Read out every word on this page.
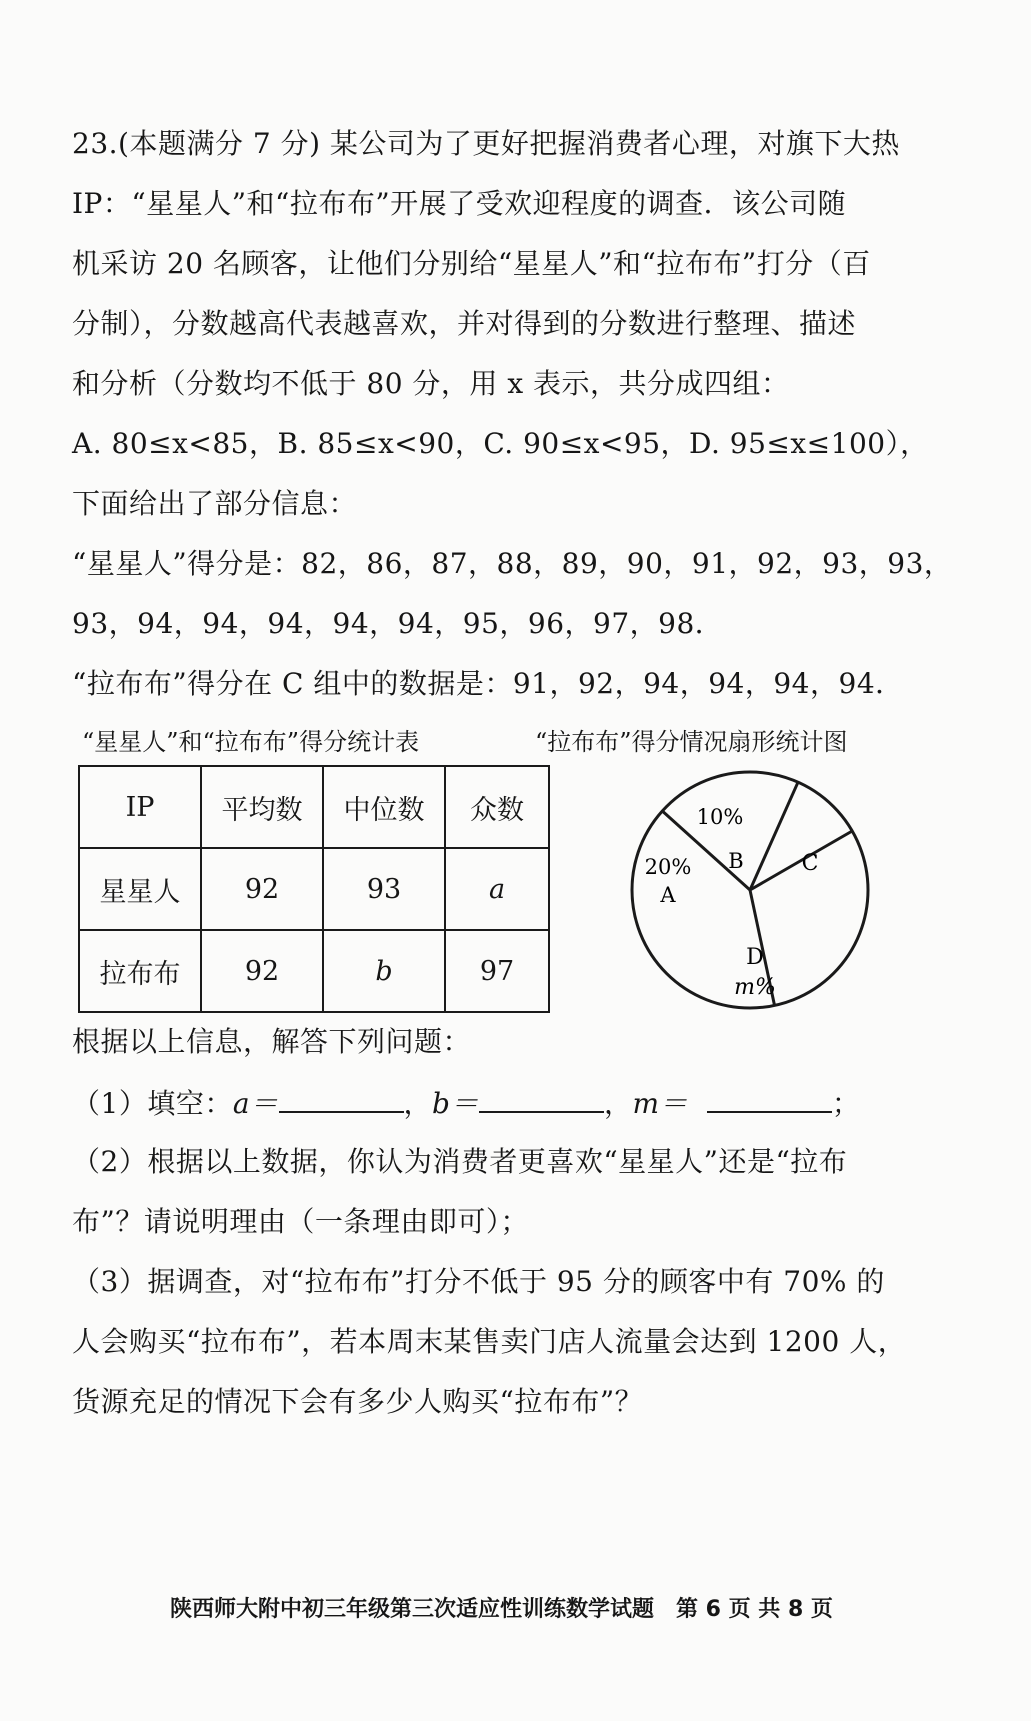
23.(本题满分 7 分) 某公司为了更好把握消费者心理，对旗下大热
IP：“星星人”和“拉布布”开展了受欢迎程度的调查．该公司随
机采访 20 名顾客，让他们分别给“星星人”和“拉布布”打分（百
分制），分数越高代表越喜欢，并对得到的分数进行整理、描述
和分析（分数均不低于 80 分，用 x 表示，共分成四组：
A. 80≤x<85，B. 85≤x<90，C. 90≤x<95，D. 95≤x≤100），
下面给出了部分信息：
“星星人”得分是：82，86，87，88，89，90，91，92，93，93，
93，94，94，94，94，94，95，96，97，98．
“拉布布”得分在 C 组中的数据是：91，92，94，94，94，94．
“星星人”和“拉布布”得分统计表	“拉布布”得分情况扇形统计图
IP	平均数	中位数	众数
星星人	92	93	a
拉布布	92	b	97
20%
A
10%
B	C
D
m%
根据以上信息，解答下列问题：
（1）填空：a＝	，b＝	，m＝	；
（2）根据以上数据，你认为消费者更喜欢“星星人”还是“拉布
布”？请说明理由（一条理由即可）；
（3）据调查，对“拉布布”打分不低于 95 分的顾客中有 70% 的
人会购买“拉布布”，若本周末某售卖门店人流量会达到 1200 人，
货源充足的情况下会有多少人购买“拉布布”？
陕西师大附中初三年级第三次适应性训练数学试题　第 6 页 共 8 页
